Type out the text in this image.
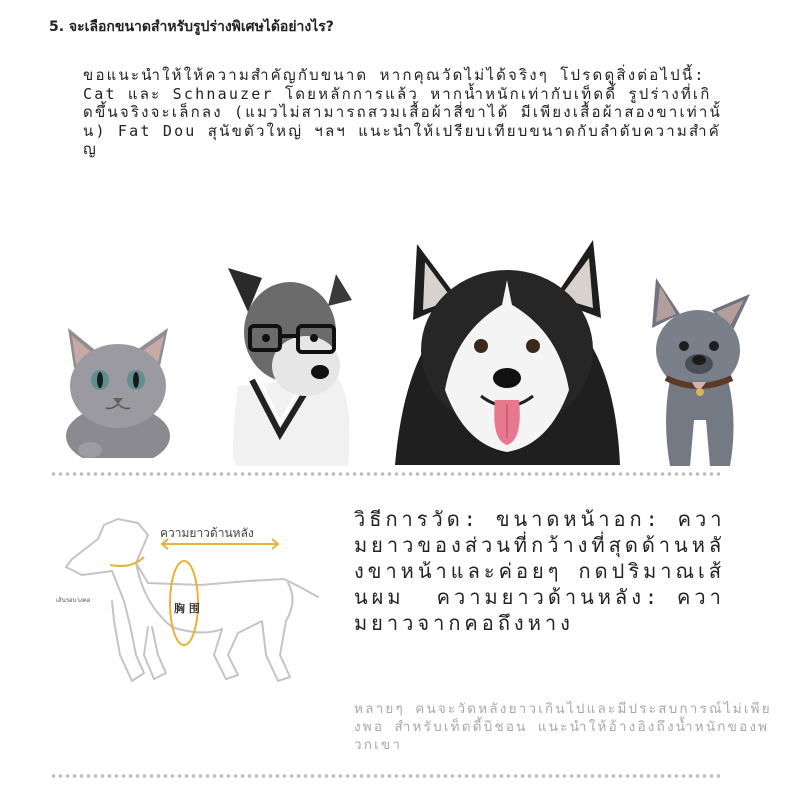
5. จะเลือกขนาดสำหรับรูปร่างพิเศษได้อย่างไร?
ขอแนะนำให้ให้ความสำคัญกับขนาด หากคุณวัดไม่ได้จริงๆ โปรดดูสิ่งต่อไปนี้: Cat และ Schnauzer โดยหลักการแล้ว หากน้ำหนักเท่ากับเท็ดดี้ รูปร่างที่เกิดขึ้นจริงจะเล็กลง (แมวไม่สามารถสวมเสื้อผ้าสี่ขาได้ มีเพียงเสื้อผ้าสองขาเท่านั้น) Fat Dou สุนัขตัวใหญ่ ฯลฯ แนะนำให้เปรียบเทียบขนาดกับลำดับความสำคัญ
ความยาวด้านหลัง
เส้นรอบวงคอ
胸 围
วิธีการวัด: ขนาดหน้าอก: ความยาวของส่วนที่กว้างที่สุดด้านหลังขาหน้าและค่อยๆ กดปริมาณเส้นผม  ความยาวด้านหลัง: ความยาวจากคอถึงหาง
หลายๆ คนจะวัดหลังยาวเกินไปและมีประสบการณ์ไม่เพียงพอ สำหรับเท็ดดี้บิชอน แนะนำให้อ้างอิงถึงน้ำหนักของพวกเขา
